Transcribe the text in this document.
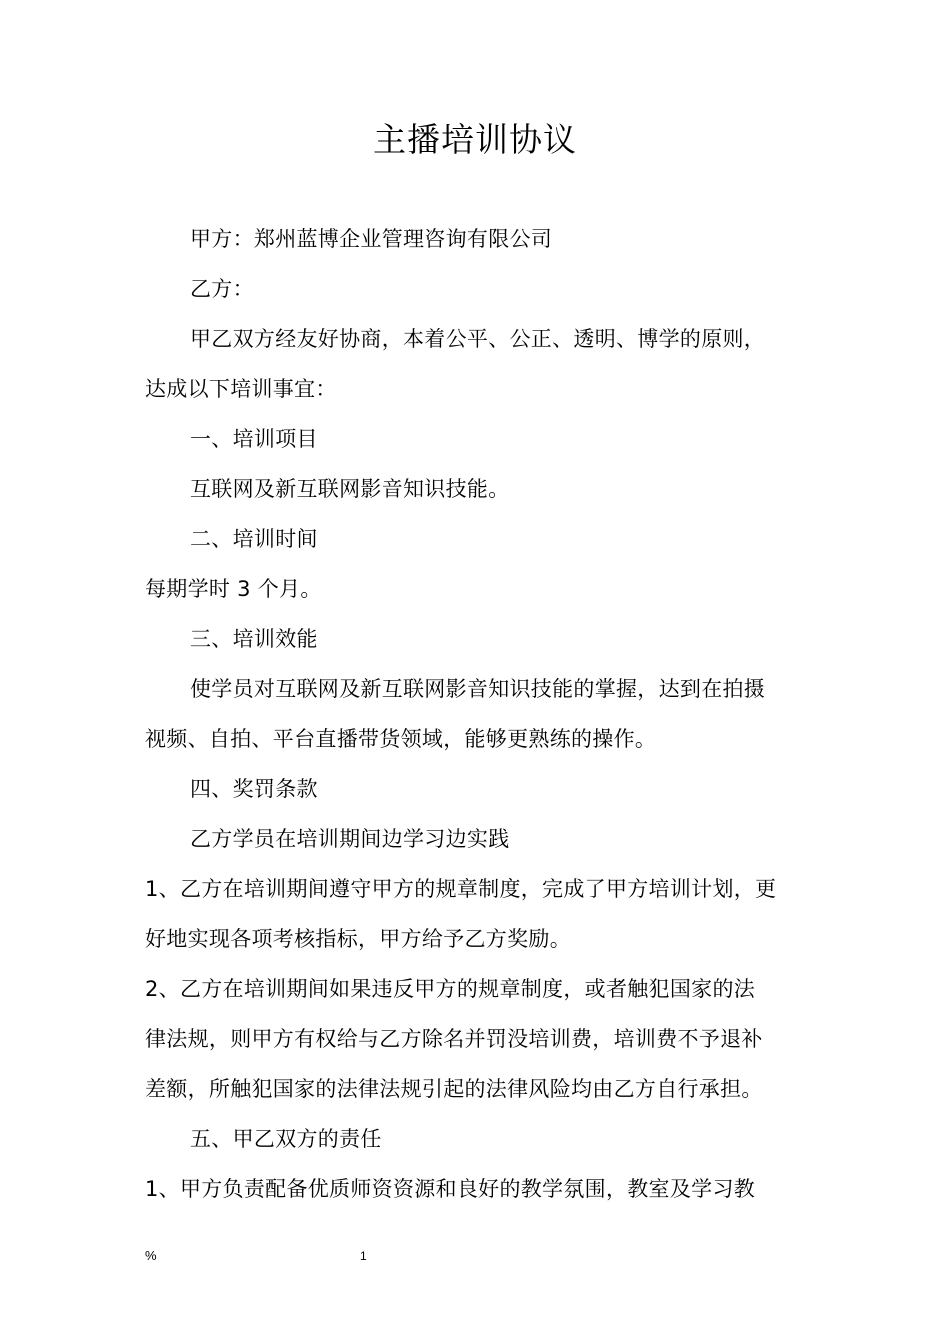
主播培训协议
甲方：郑州蓝博企业管理咨询有限公司
乙方：
甲乙双方经友好协商，本着公平、公正、透明、博学的原则，
达成以下培训事宜：
一、培训项目
互联网及新互联网影音知识技能。
二、培训时间
每期学时 3 个月。
三、培训效能
使学员对互联网及新互联网影音知识技能的掌握，达到在拍摄
视频、自拍、平台直播带货领域，能够更熟练的操作。
四、奖罚条款
乙方学员在培训期间边学习边实践
1、乙方在培训期间遵守甲方的规章制度，完成了甲方培训计划，更
好地实现各项考核指标，甲方给予乙方奖励。
2、乙方在培训期间如果违反甲方的规章制度，或者触犯国家的法
律法规，则甲方有权给与乙方除名并罚没培训费，培训费不予退补
差额，所触犯国家的法律法规引起的法律风险均由乙方自行承担。
五、甲乙双方的责任
1、甲方负责配备优质师资资源和良好的教学氛围，教室及学习教
%	1
